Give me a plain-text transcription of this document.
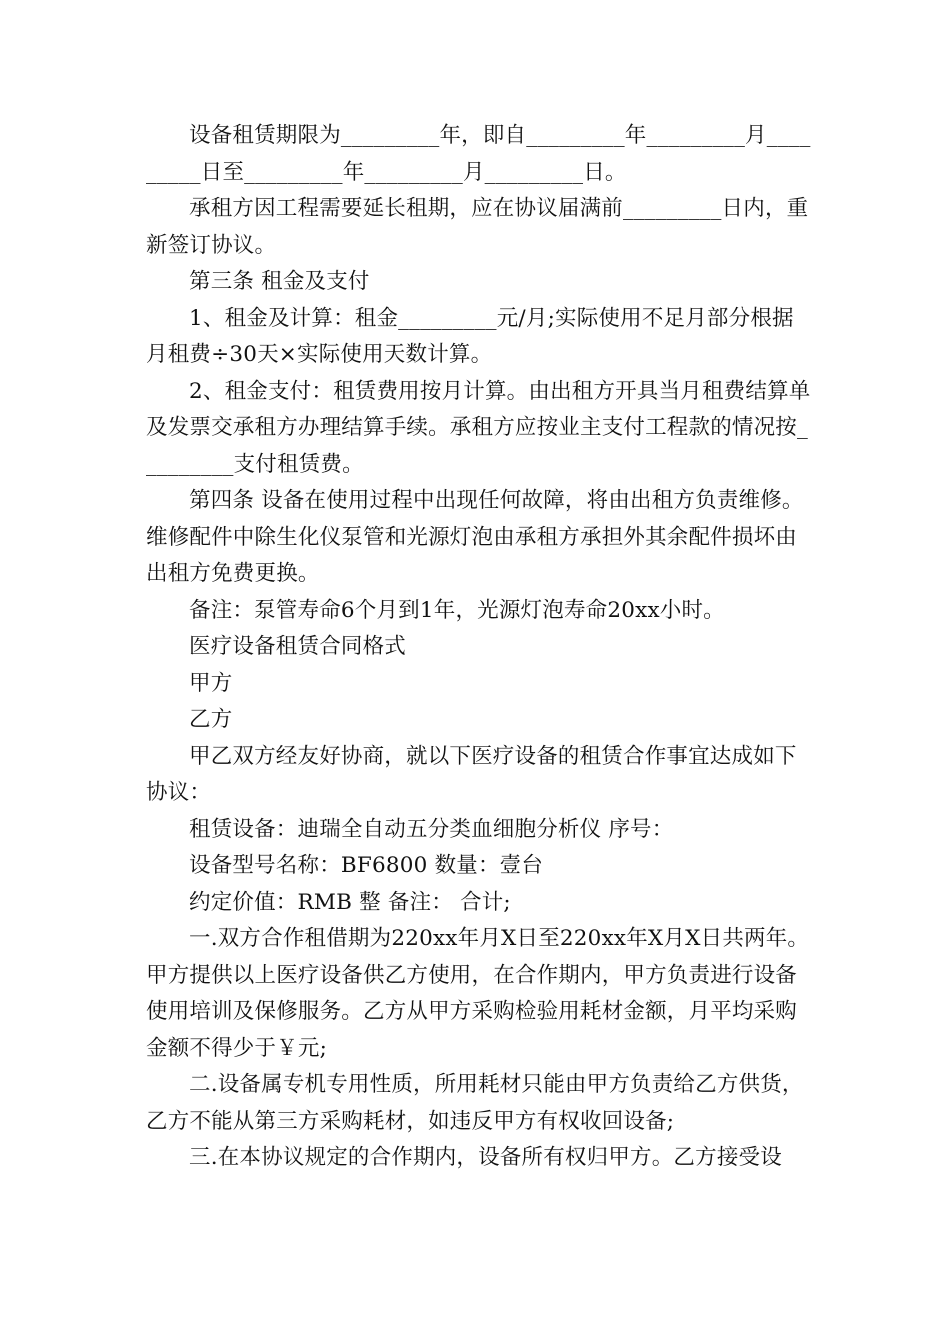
设备租赁期限为_________年，即自_________年_________月_________日至_________年_________月_________日。

承租方因工程需要延长租期，应在协议届满前_________日内，重新签订协议。

第三条 租金及支付

1、租金及计算：租金_________元/月;实际使用不足月部分根据月租费÷30天×实际使用天数计算。

2、租金支付：租赁费用按月计算。由出租方开具当月租费结算单及发票交承租方办理结算手续。承租方应按业主支付工程款的情况按_________支付租赁费。

第四条 设备在使用过程中出现任何故障，将由出租方负责维修。维修配件中除生化仪泵管和光源灯泡由承租方承担外其余配件损坏由出租方免费更换。

备注：泵管寿命6个月到1年，光源灯泡寿命20xx小时。

医疗设备租赁合同格式

甲方

乙方

甲乙双方经友好协商，就以下医疗设备的租赁合作事宜达成如下协议：

租赁设备：迪瑞全自动五分类血细胞分析仪 序号：

设备型号名称：BF6800 数量：壹台

约定价值：RMB 整 备注： 合计;

一.双方合作租借期为220xx年月X日至220xx年X月X日共两年。甲方提供以上医疗设备供乙方使用，在合作期内，甲方负责进行设备使用培训及保修服务。乙方从甲方采购检验用耗材金额，月平均采购金额不得少于￥元;

二.设备属专机专用性质，所用耗材只能由甲方负责给乙方供货，乙方不能从第三方采购耗材，如违反甲方有权收回设备;

三.在本协议规定的合作期内，设备所有权归甲方。乙方接受设
